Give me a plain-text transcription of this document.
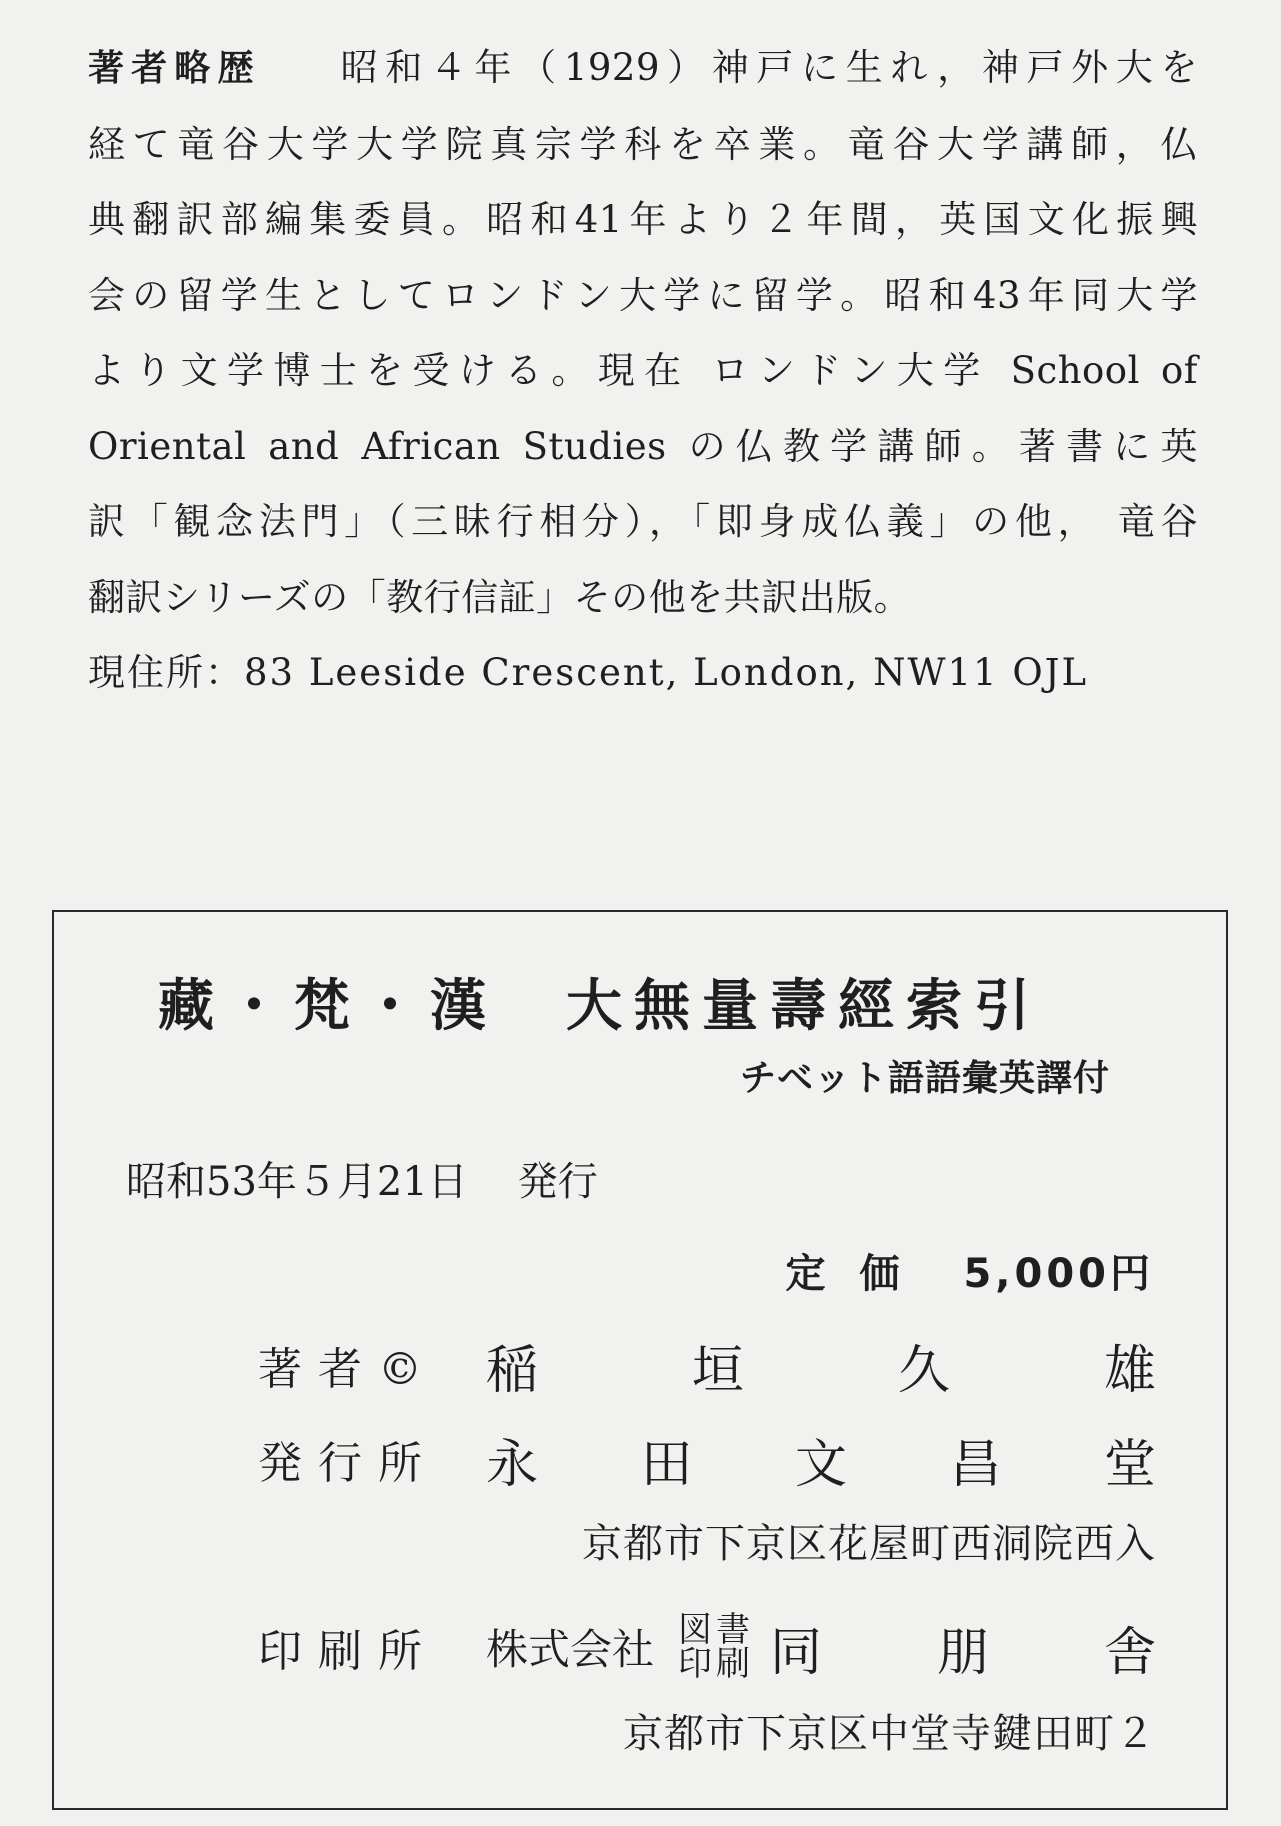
著者略歴 昭和４年（1929）神戸に生れ，神戸外大を
経て竜谷大学大学院真宗学科を卒業。竜谷大学講師，仏
典翻訳部編集委員。昭和41年より２年間，英国文化振興
会の留学生としてロンドン大学に留学。昭和43年同大学
より文学博士を受ける。現在 ロンドン大学 School of
Oriental and African Studies の仏教学講師。著書に英
訳「観念法門」（三昧行相分），「即身成仏義」の他， 竜谷
翻訳シリーズの「教行信証」その他を共訳出版。
現住所：83 Leeside Crescent, London, NW11 OJL
藏・梵・漢　大無量壽經索引
チベット語語彙英譯付
昭和53年５月21日 発行
定価 5,000円
著者© 稲	垣	久	雄
発行所 永 田 文 昌 堂
京都市下京区花屋町西洞院西入
印刷所	株式会社 図書
印刷 同 朋 舎
京都市下京区中堂寺鍵田町２
